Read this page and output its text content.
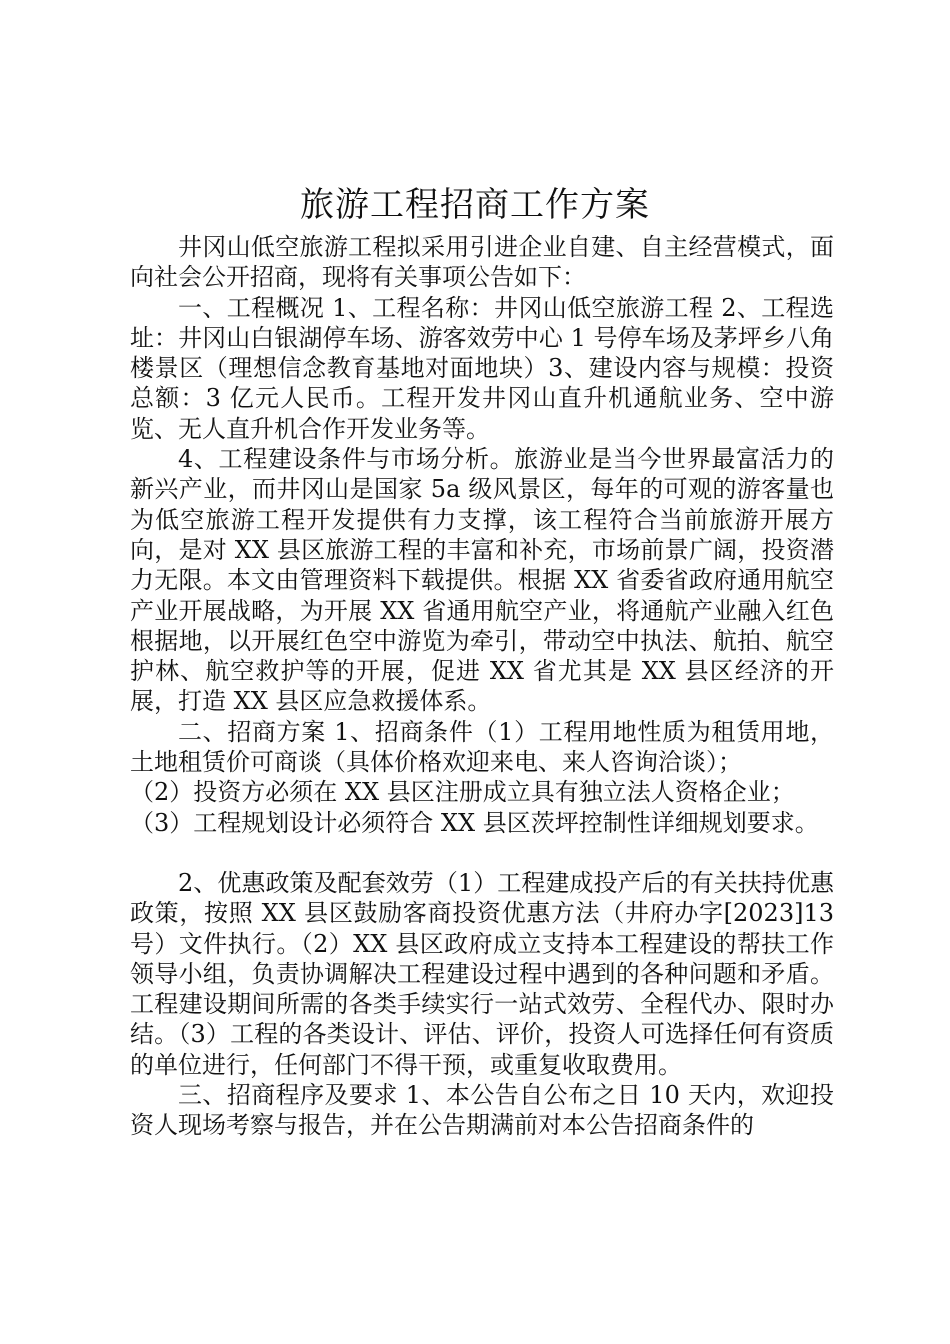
旅游工程招商工作方案

井冈山低空旅游工程拟采用引进企业自建、自主经营模式，面向社会公开招商，现将有关事项公告如下：

一、工程概况 1、工程名称：井冈山低空旅游工程 2、工程选址：井冈山白银湖停车场、游客效劳中心 1 号停车场及茅坪乡八角楼景区（理想信念教育基地对面地块）3、建设内容与规模：投资总额：3 亿元人民币。工程开发井冈山直升机通航业务、空中游览、无人直升机合作开发业务等。

4、工程建设条件与市场分析。旅游业是当今世界最富活力的新兴产业，而井冈山是国家 5a 级风景区，每年的可观的游客量也为低空旅游工程开发提供有力支撑，该工程符合当前旅游开展方向，是对 XX 县区旅游工程的丰富和补充，市场前景广阔，投资潜力无限。本文由管理资料下载提供。根据 XX 省委省政府通用航空产业开展战略，为开展 XX 省通用航空产业，将通航产业融入红色根据地，以开展红色空中游览为牵引，带动空中执法、航拍、航空护林、航空救护等的开展，促进 XX 省尤其是 XX 县区经济的开展，打造 XX 县区应急救援体系。

二、招商方案 1、招商条件（1）工程用地性质为租赁用地，土地租赁价可商谈（具体价格欢迎来电、来人咨询洽谈）；

（2）投资方必须在 XX 县区注册成立具有独立法人资格企业；

（3）工程规划设计必须符合 XX 县区茨坪控制性详细规划要求。

2、优惠政策及配套效劳（1）工程建成投产后的有关扶持优惠政策，按照 XX 县区鼓励客商投资优惠方法（井府办字[2023]13 号）文件执行。（2）XX 县区政府成立支持本工程建设的帮扶工作领导小组，负责协调解决工程建设过程中遇到的各种问题和矛盾。工程建设期间所需的各类手续实行一站式效劳、全程代办、限时办结。（3）工程的各类设计、评估、评价，投资人可选择任何有资质的单位进行，任何部门不得干预，或重复收取费用。

三、招商程序及要求 1、本公告自公布之日 10 天内，欢迎投资人现场考察与报告，并在公告期满前对本公告招商条件的
